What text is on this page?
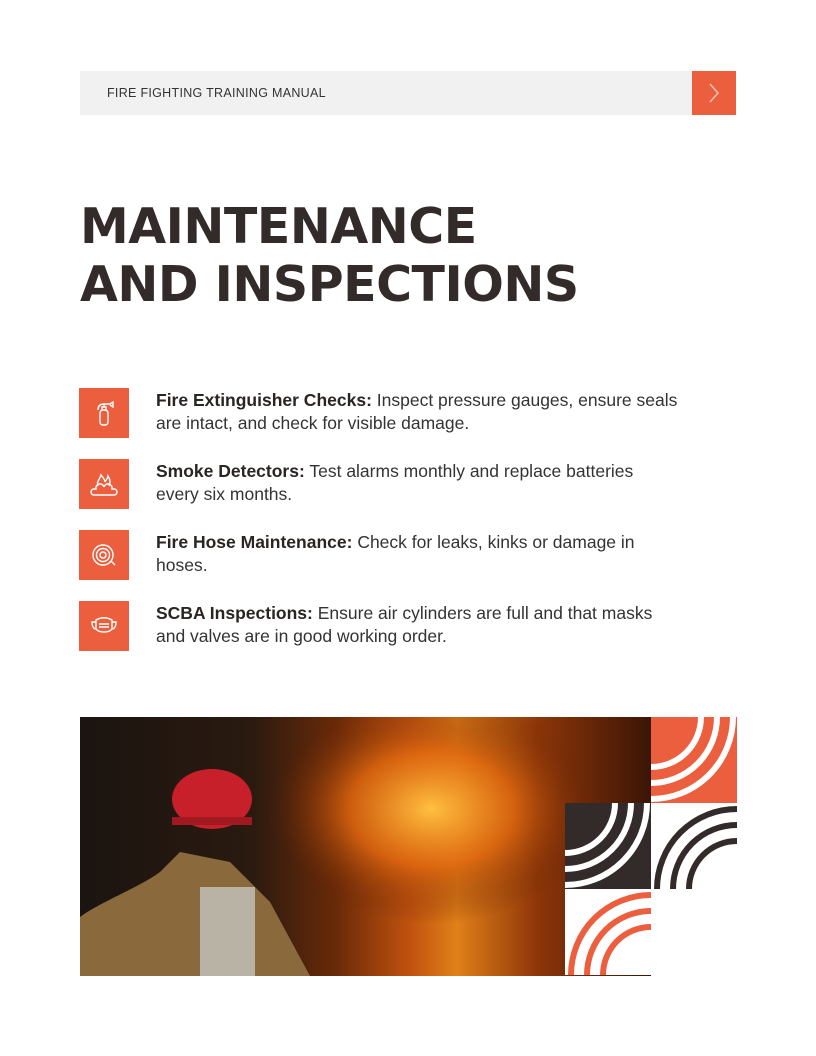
FIRE FIGHTING TRAINING MANUAL
MAINTENANCE
AND INSPECTIONS
Fire Extinguisher Checks: Inspect pressure gauges, ensure seals are intact, and check for visible damage.
Smoke Detectors: Test alarms monthly and replace batteries every six months.
Fire Hose Maintenance: Check for leaks, kinks or damage in hoses.
SCBA Inspections: Ensure air cylinders are full and that masks and valves are in good working order.
